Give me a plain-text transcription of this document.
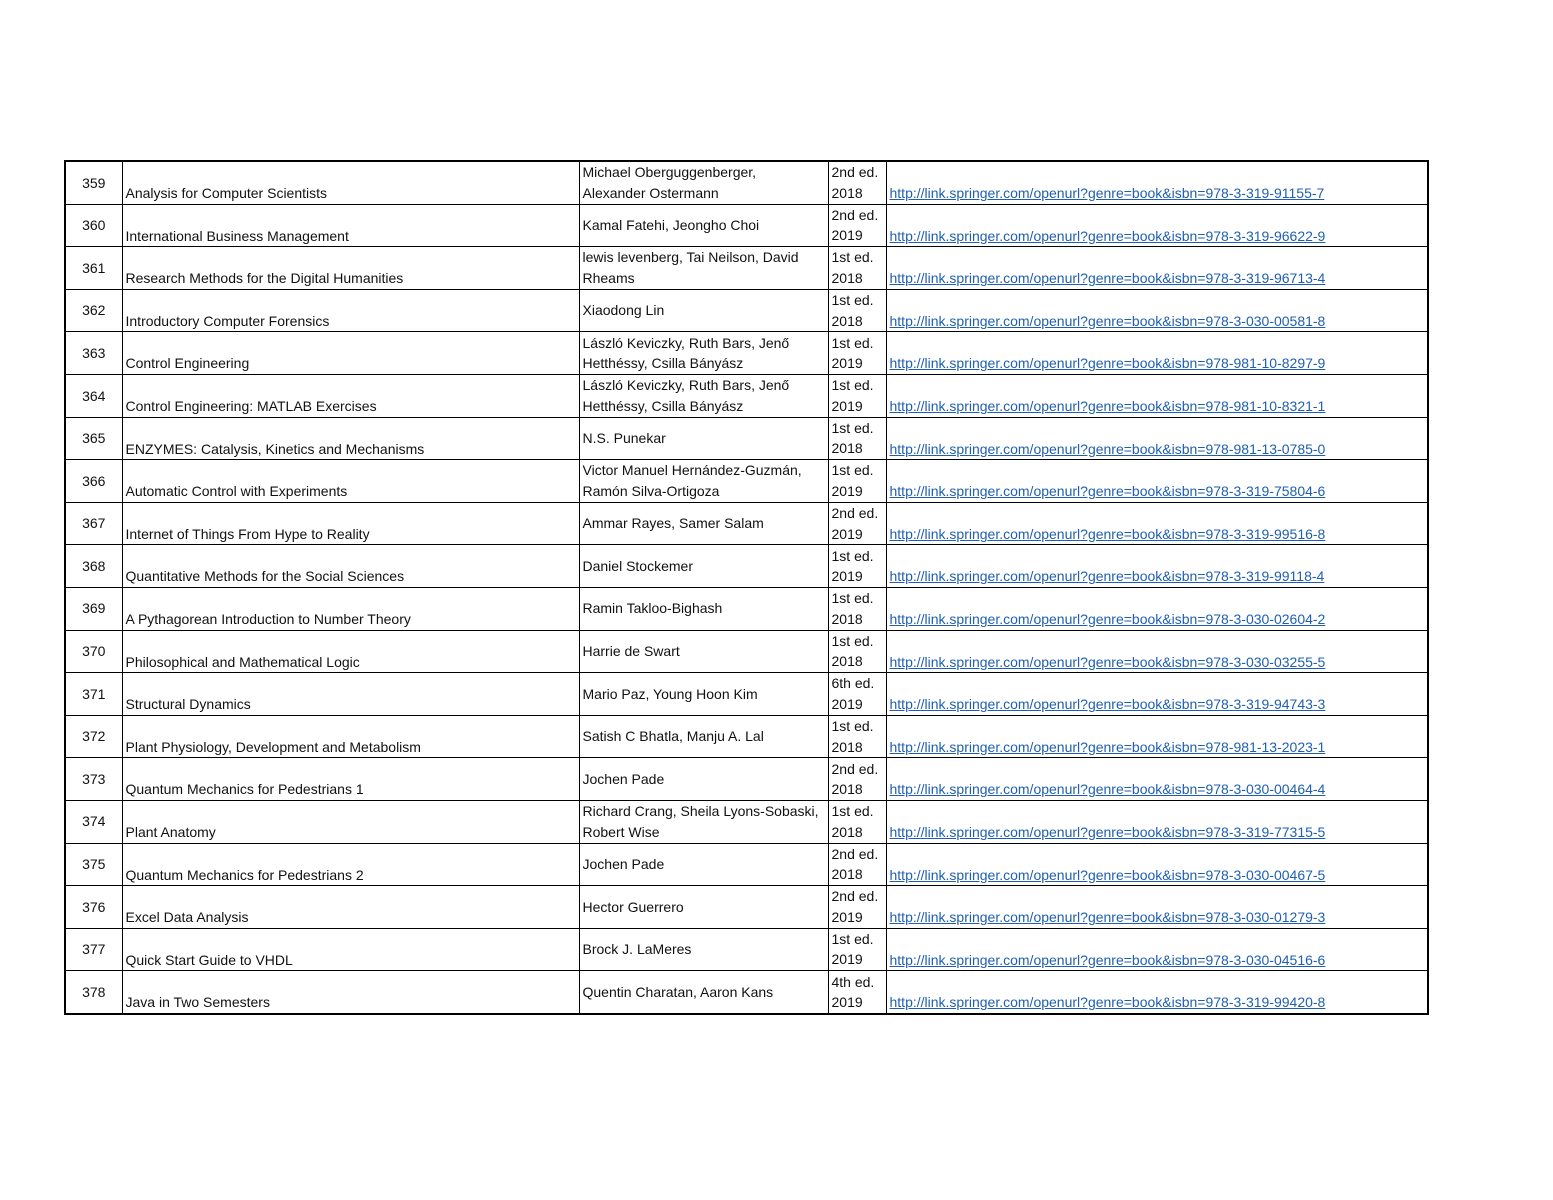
359	Analysis for Computer Scientists	Michael Oberguggenberger,
Alexander Ostermann	2nd ed.
2018	http://link.springer.com/openurl?genre=book&isbn=978-3-319-91155-7
360	International Business Management	Kamal Fatehi, Jeongho Choi	2nd ed.
2019	http://link.springer.com/openurl?genre=book&isbn=978-3-319-96622-9
361	Research Methods for the Digital Humanities	lewis levenberg, Tai Neilson, David
Rheams	1st ed.
2018	http://link.springer.com/openurl?genre=book&isbn=978-3-319-96713-4
362	Introductory Computer Forensics	Xiaodong Lin	1st ed.
2018	http://link.springer.com/openurl?genre=book&isbn=978-3-030-00581-8
363	Control Engineering	László Keviczky, Ruth Bars, Jenő
Hetthéssy, Csilla Bányász	1st ed.
2019	http://link.springer.com/openurl?genre=book&isbn=978-981-10-8297-9
364	Control Engineering: MATLAB Exercises	László Keviczky, Ruth Bars, Jenő
Hetthéssy, Csilla Bányász	1st ed.
2019	http://link.springer.com/openurl?genre=book&isbn=978-981-10-8321-1
365	ENZYMES: Catalysis, Kinetics and Mechanisms	N.S. Punekar	1st ed.
2018	http://link.springer.com/openurl?genre=book&isbn=978-981-13-0785-0
366	Automatic Control with Experiments	Victor Manuel Hernández-Guzmán,
Ramón Silva-Ortigoza	1st ed.
2019	http://link.springer.com/openurl?genre=book&isbn=978-3-319-75804-6
367	Internet of Things From Hype to Reality	Ammar Rayes, Samer Salam	2nd ed.
2019	http://link.springer.com/openurl?genre=book&isbn=978-3-319-99516-8
368	Quantitative Methods for the Social Sciences	Daniel Stockemer	1st ed.
2019	http://link.springer.com/openurl?genre=book&isbn=978-3-319-99118-4
369	A Pythagorean Introduction to Number Theory	Ramin Takloo-Bighash	1st ed.
2018	http://link.springer.com/openurl?genre=book&isbn=978-3-030-02604-2
370	Philosophical and Mathematical Logic	Harrie de Swart	1st ed.
2018	http://link.springer.com/openurl?genre=book&isbn=978-3-030-03255-5
371	Structural Dynamics	Mario Paz, Young Hoon Kim	6th ed.
2019	http://link.springer.com/openurl?genre=book&isbn=978-3-319-94743-3
372	Plant Physiology, Development and Metabolism	Satish C Bhatla, Manju A. Lal	1st ed.
2018	http://link.springer.com/openurl?genre=book&isbn=978-981-13-2023-1
373	Quantum Mechanics for Pedestrians 1	Jochen Pade	2nd ed.
2018	http://link.springer.com/openurl?genre=book&isbn=978-3-030-00464-4
374	Plant Anatomy	Richard Crang, Sheila Lyons-Sobaski,
Robert Wise	1st ed.
2018	http://link.springer.com/openurl?genre=book&isbn=978-3-319-77315-5
375	Quantum Mechanics for Pedestrians 2	Jochen Pade	2nd ed.
2018	http://link.springer.com/openurl?genre=book&isbn=978-3-030-00467-5
376	Excel Data Analysis	Hector Guerrero	2nd ed.
2019	http://link.springer.com/openurl?genre=book&isbn=978-3-030-01279-3
377	Quick Start Guide to VHDL	Brock J. LaMeres	1st ed.
2019	http://link.springer.com/openurl?genre=book&isbn=978-3-030-04516-6
378	Java in Two Semesters	Quentin Charatan, Aaron Kans	4th ed.
2019	http://link.springer.com/openurl?genre=book&isbn=978-3-319-99420-8
